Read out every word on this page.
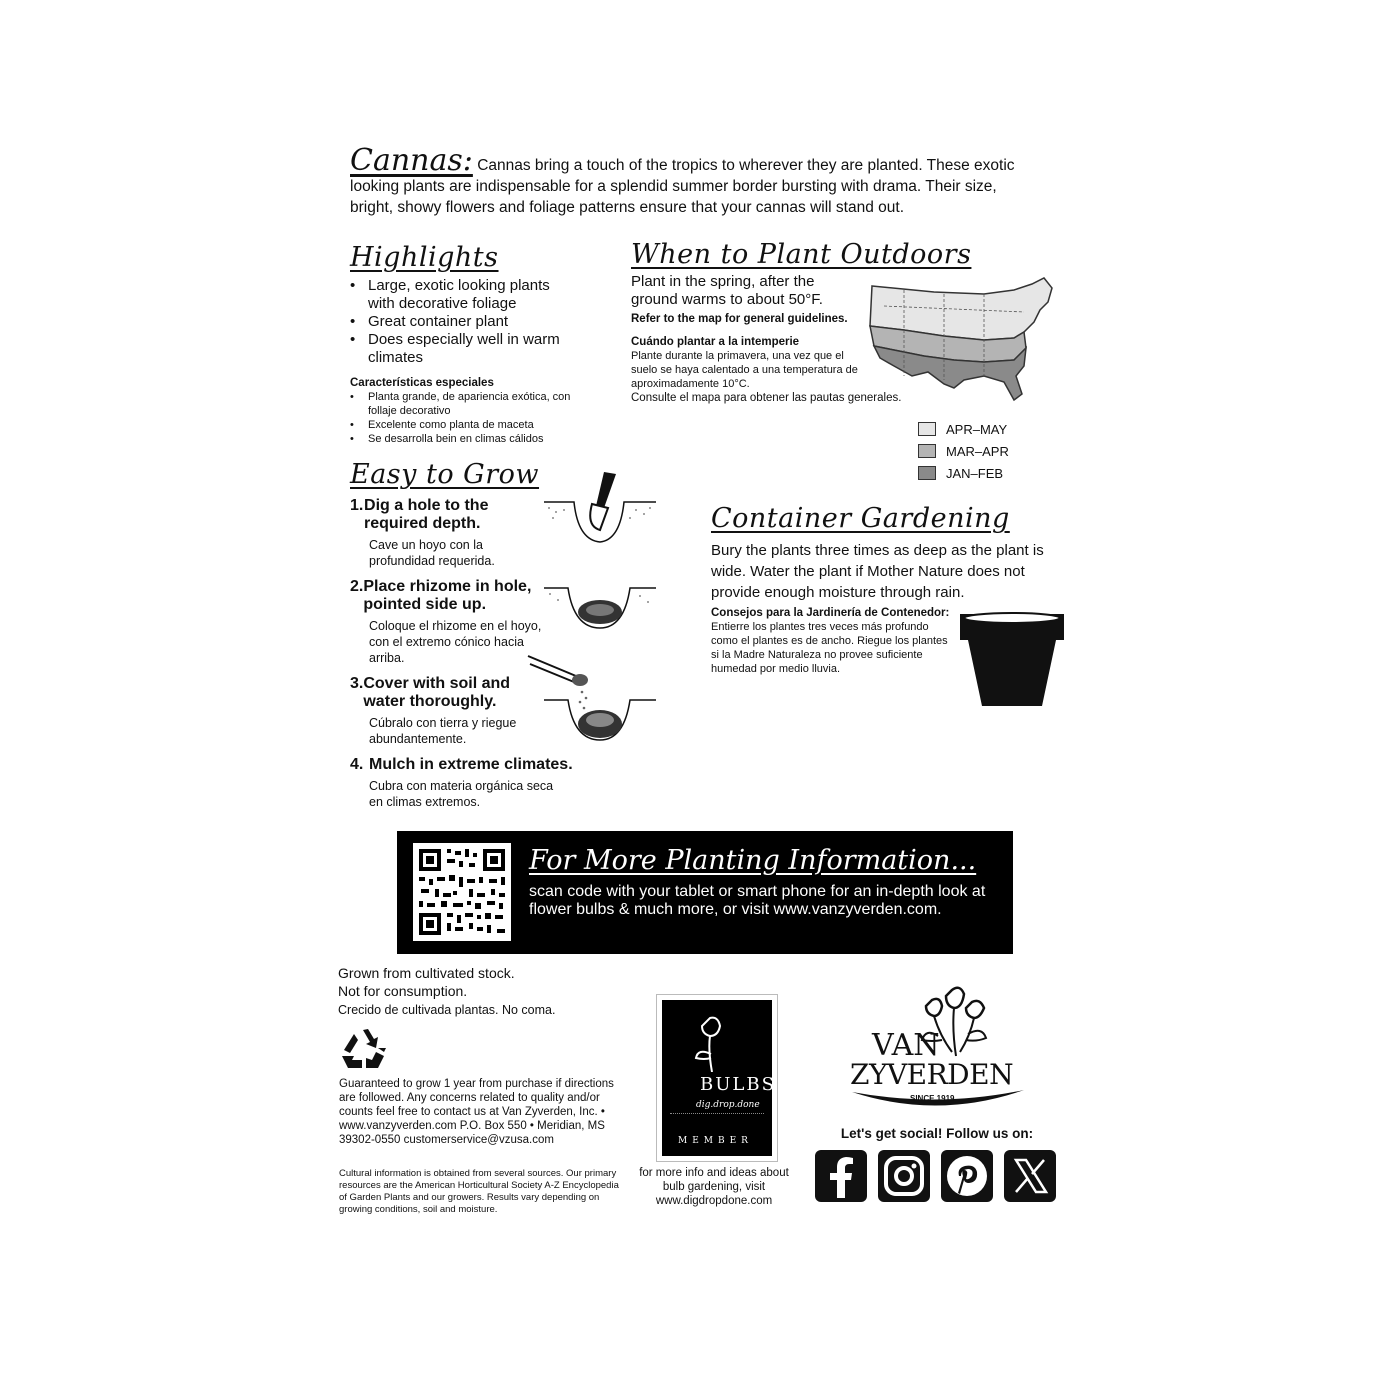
Cannas: Cannas bring a touch of the tropics to wherever they are planted. These exotic looking plants are indispensable for a splendid summer border bursting with drama. Their size, bright, showy flowers and foliage patterns ensure that your cannas will stand out.
Highlights
• Large, exotic looking plants with decorative foliage
• Great container plant
• Does especially well in warm climates
Características especiales
• Planta grande, de apariencia exótica, con follaje decorativo
• Excelente como planta de maceta
• Se desarrolla bein en climas cálidos
When to Plant Outdoors
Plant in the spring, after the ground warms to about 50°F.
Refer to the map for general guidelines.
Cuándo plantar a la intemperie
Plante durante la primavera, una vez que el suelo se haya calentado a una temperatura de aproximadamente 10°C.
Consulte el mapa para obtener las pautas generales.
APR–MAY
MAR–APR
JAN–FEB
Easy to Grow
1. Dig a hole to the required depth.
Cave un hoyo con la profundidad requerida.
2. Place rhizome in hole, pointed side up.
Coloque el rhizome en el hoyo, con el extremo cónico hacia arriba.
3. Cover with soil and water thoroughly.
Cúbralo con tierra y riegue abundantemente.
4. Mulch in extreme climates.
Cubra con materia orgánica seca en climas extremos.
Container Gardening
Bury the plants three times as deep as the plant is wide. Water the plant if Mother Nature does not provide enough moisture through rain.
Consejos para la Jardinería de Contenedor:
Entierre los plantes tres veces más profundo como el plantes es de ancho. Riegue los plantes si la Madre Naturaleza no provee suficiente humedad por medio lluvia.
For More Planting Information...
scan code with your tablet or smart phone for an in-depth look at flower bulbs & much more, or visit www.vanzyverden.com.
Grown from cultivated stock.
Not for consumption.
Crecido de cultivada plantas. No coma.
Guaranteed to grow 1 year from purchase if directions are followed. Any concerns related to quality and/or counts feel free to contact us at Van Zyverden, Inc. • www.vanzyverden.com P.O. Box 550 • Meridian, MS 39302-0550 customerservice@vzusa.com
Cultural information is obtained from several sources. Our primary resources are the American Horticultural Society A-Z Encyclopedia of Garden Plants and our growers. Results vary depending on growing conditions, soil and moisture.
BULBS
dig.drop.done
MEMBER
for more info and ideas about bulb gardening, visit www.digdropdone.com
VAN
ZYVERDEN
SINCE 1919
Let's get social! Follow us on:
